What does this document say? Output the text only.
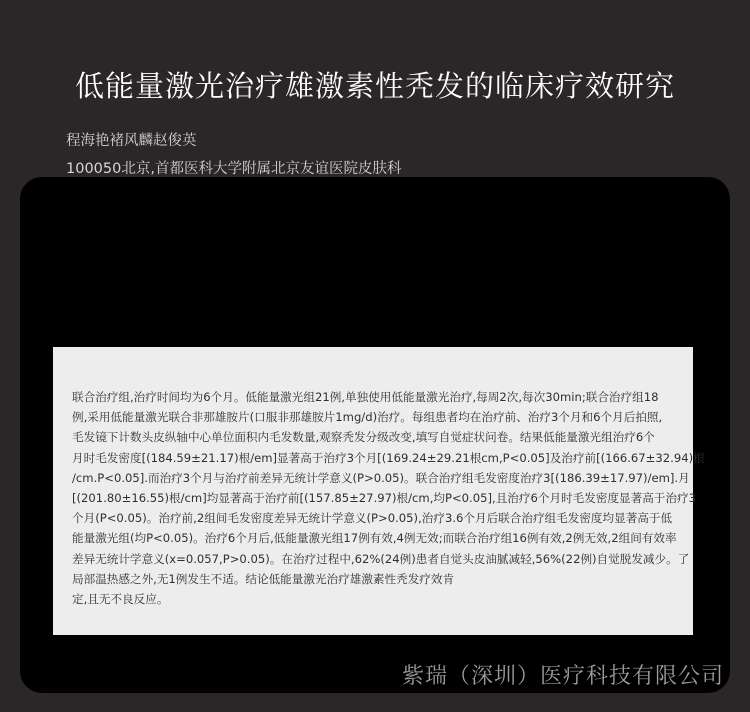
低能量激光治疗雄激素性秃发的临床疗效研究
程海艳褚风麟赵俊英
100050北京,首都医科大学附属北京友谊医院皮肤科
联合治疗组,治疗时间均为6个月。低能量激光组21例,单独使用低能量激光治疗,每周2次,每次30min;联合治疗组18
例,采用低能量激光联合非那雄胺片(口服非那雄胺片1mg/d)治疗。每组患者均在治疗前、治疗3个月和6个月后拍照,
毛发镜下计数头皮纵轴中心单位面积内毛发数量,观察秃发分级改变,填写自觉症状问卷。结果低能量激光组治疗6个
月时毛发密度[(184.59±21.17)根/em]显著高于治疗3个月[(169.24±29.21根cm,P<0.05]及治疗前[(166.67±32.94)根
/cm.P<0.05].而治疗3个月与治疗前差异无统计学意义(P>0.05)。联合治疗组毛发密度治疗3[(186.39±17.97)/em].月
[(201.80±16.55)根/cm]均显著高于治疗前[(157.85±27.97)根/cm,均P<0.05],且治疗6个月时毛发密度显著高于治疗3
个月(P<0.05)。治疗前,2组间毛发密度差异无统计学意义(P>0.05),治疗3.6个月后联合治疗组毛发密度均显著高于低
能量激光组(均P<0.05)。治疗6个月后,低能量激光组17例有效,4例无效;而联合治疗组16例有效,2例无效,2组间有效率
差异无统计学意义(x=0.057,P>0.05)。在治疗过程中,62%(24例)患者自觉头皮油腻减轻,56%(22例)自觉脱发减少。了
局部温热感之外,无1例发生不适。结论低能量激光治疗雄激素性秃发疗效肯
定,且无不良反应。
紫瑞（深圳）医疗科技有限公司
